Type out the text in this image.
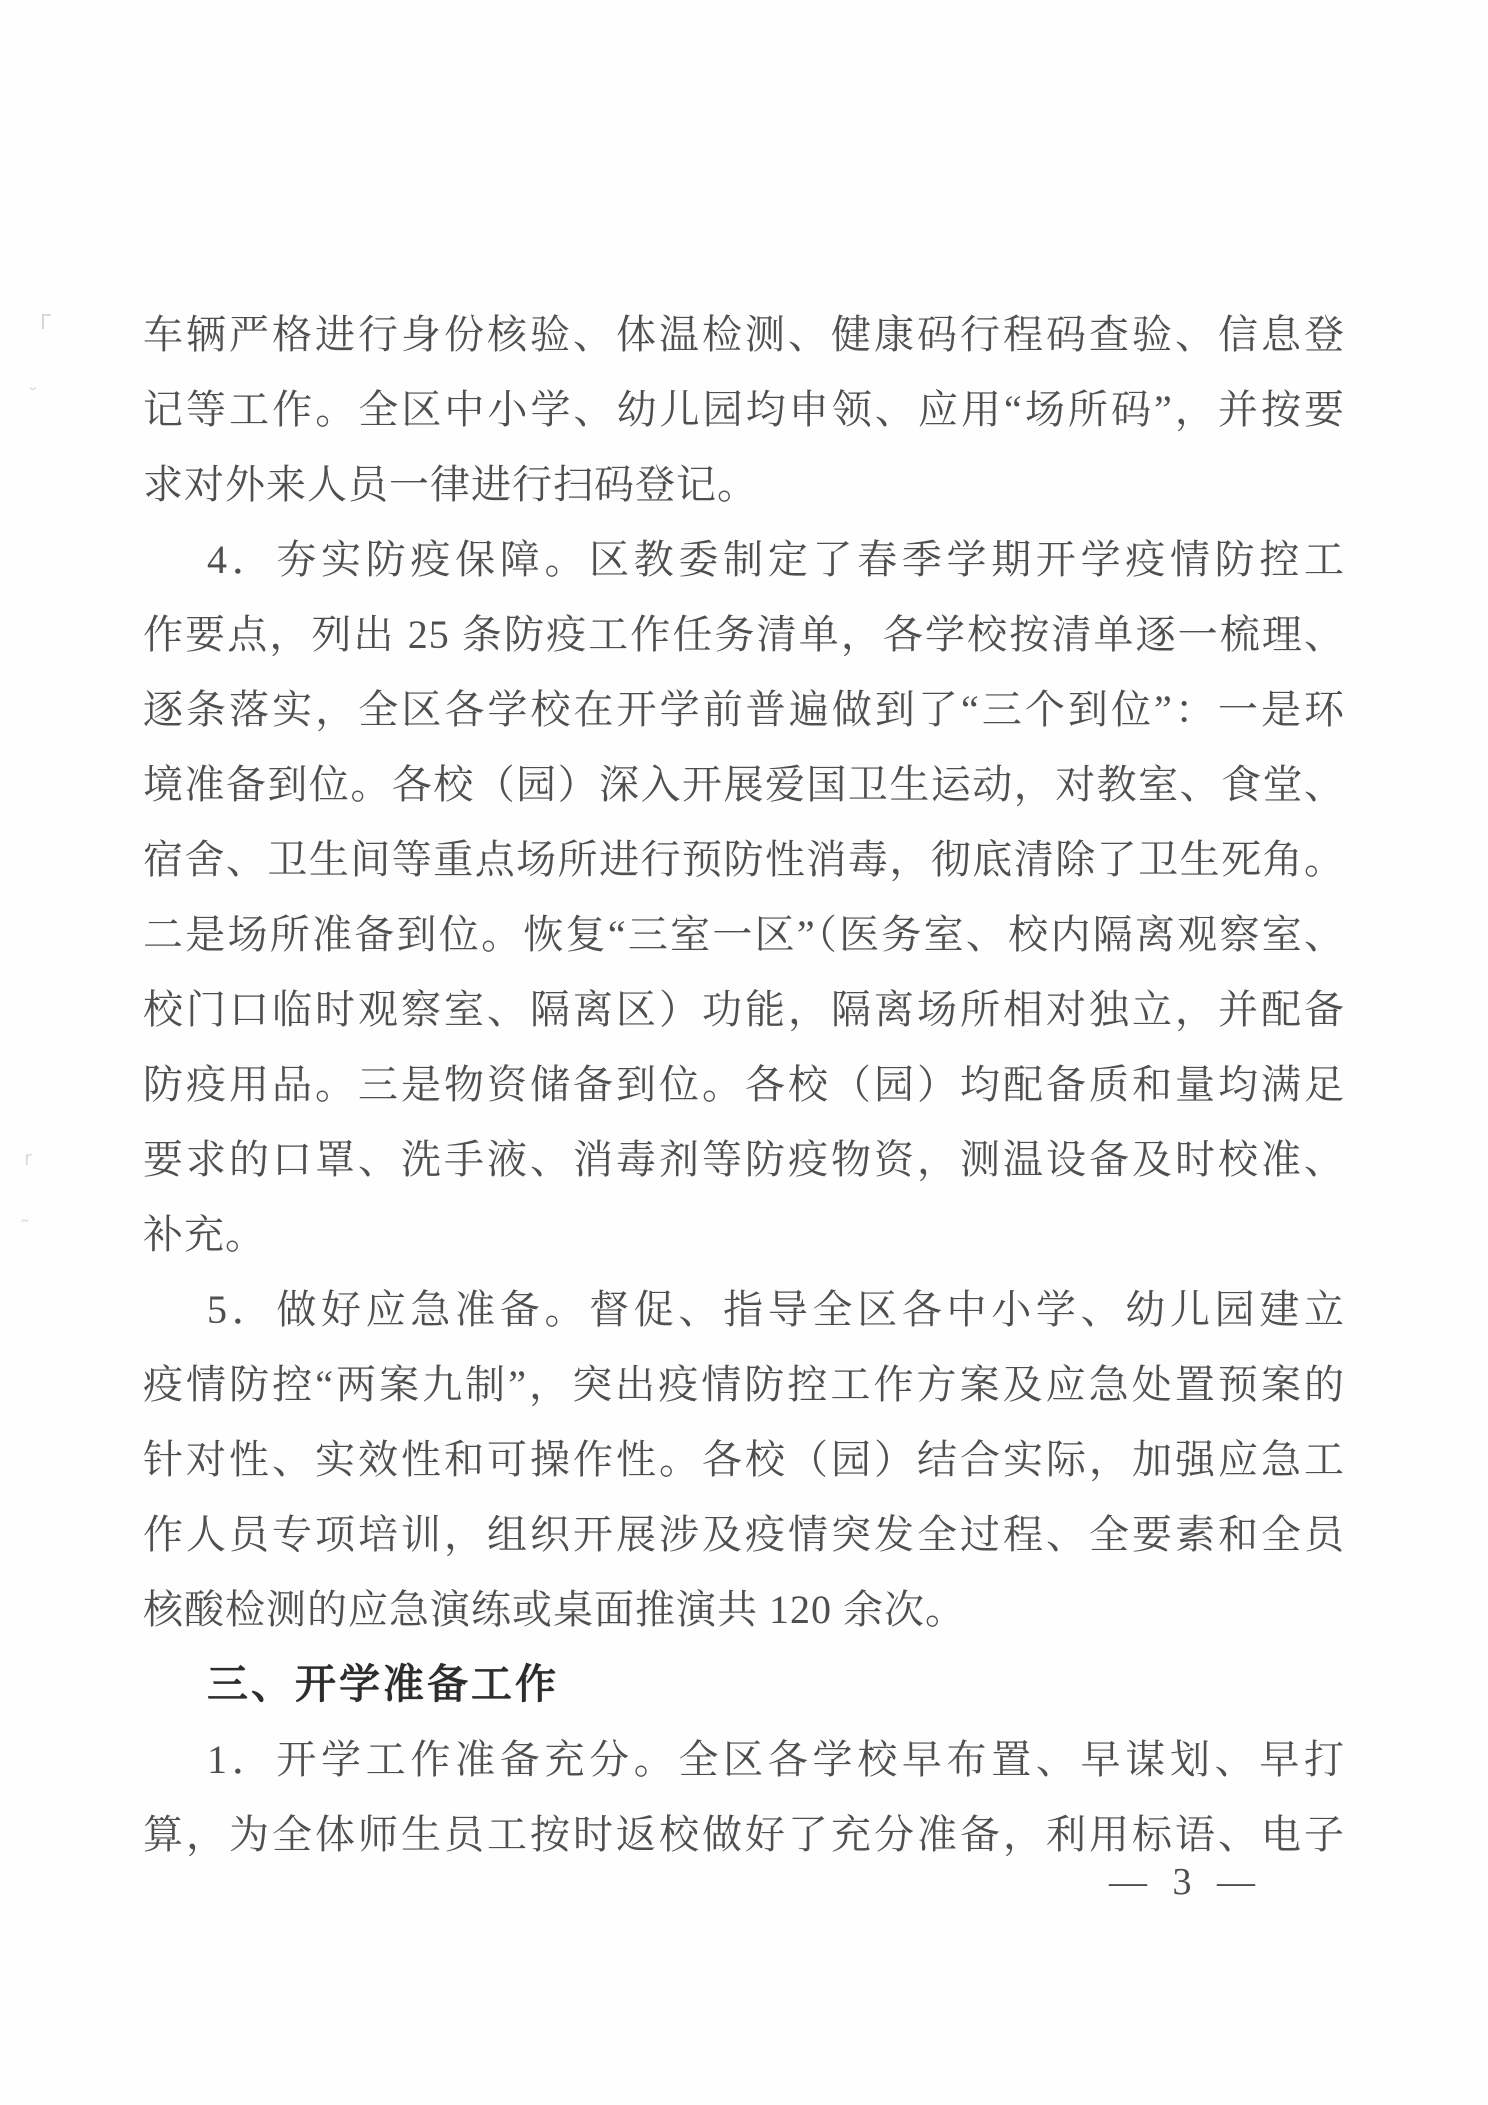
车辆严格进行身份核验、体温检测、健康码行程码查验、信息登
记等工作。全区中小学、幼儿园均申领、应用“场所码”，并按要
求对外来人员一律进行扫码登记。
4．夯实防疫保障。区教委制定了春季学期开学疫情防控工
作要点，列出 25 条防疫工作任务清单，各学校按清单逐一梳理、
逐条落实，全区各学校在开学前普遍做到了“三个到位”：一是环
境准备到位。各校（园）深入开展爱国卫生运动，对教室、食堂、
宿舍、卫生间等重点场所进行预防性消毒，彻底清除了卫生死角。
二是场所准备到位。恢复“三室一区”（医务室、校内隔离观察室、
校门口临时观察室、隔离区）功能，隔离场所相对独立，并配备
防疫用品。三是物资储备到位。各校（园）均配备质和量均满足
要求的口罩、洗手液、消毒剂等防疫物资，测温设备及时校准、
补充。
5．做好应急准备。督促、指导全区各中小学、幼儿园建立
疫情防控“两案九制”，突出疫情防控工作方案及应急处置预案的
针对性、实效性和可操作性。各校（园）结合实际，加强应急工
作人员专项培训，组织开展涉及疫情突发全过程、全要素和全员
核酸检测的应急演练或桌面推演共 120 余次。
三、开学准备工作
1．开学工作准备充分。全区各学校早布置、早谋划、早打
算，为全体师生员工按时返校做好了充分准备，利用标语、电子
— 3 —
Γ
˘
r
˜
